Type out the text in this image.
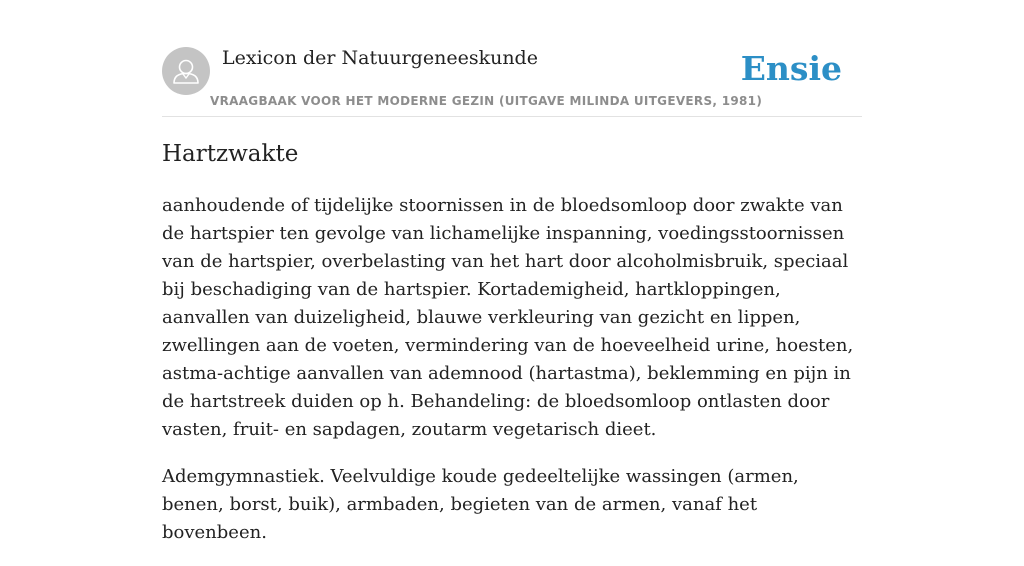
Lexicon der Natuurgeneeskunde
VRAAGBAAK VOOR HET MODERNE GEZIN (UITGAVE MILINDA UITGEVERS, 1981)
Ensie
Hartzwakte

aanhoudende of tijdelijke stoornissen in de bloedsomloop door zwakte van de hartspier ten gevolge van lichamelijke inspanning, voedingsstoornissen van de hartspier, overbelasting van het hart door alcoholmisbruik, speciaal bij beschadiging van de hartspier. Kortademigheid, hartkloppingen, aanvallen van duizeligheid, blauwe verkleuring van gezicht en lippen, zwellingen aan de voeten, vermindering van de hoeveelheid urine, hoesten, astma-achtige aanvallen van ademnood (hartastma), beklemming en pijn in de hartstreek duiden op h. Behandeling: de bloedsomloop ontlasten door vasten, fruit- en sapdagen, zoutarm vegetarisch dieet.

Ademgymnastiek. Veelvuldige koude gedeeltelijke wassingen (armen, benen, borst, buik), armbaden, begieten van de armen, vanaf het bovenbeen.
